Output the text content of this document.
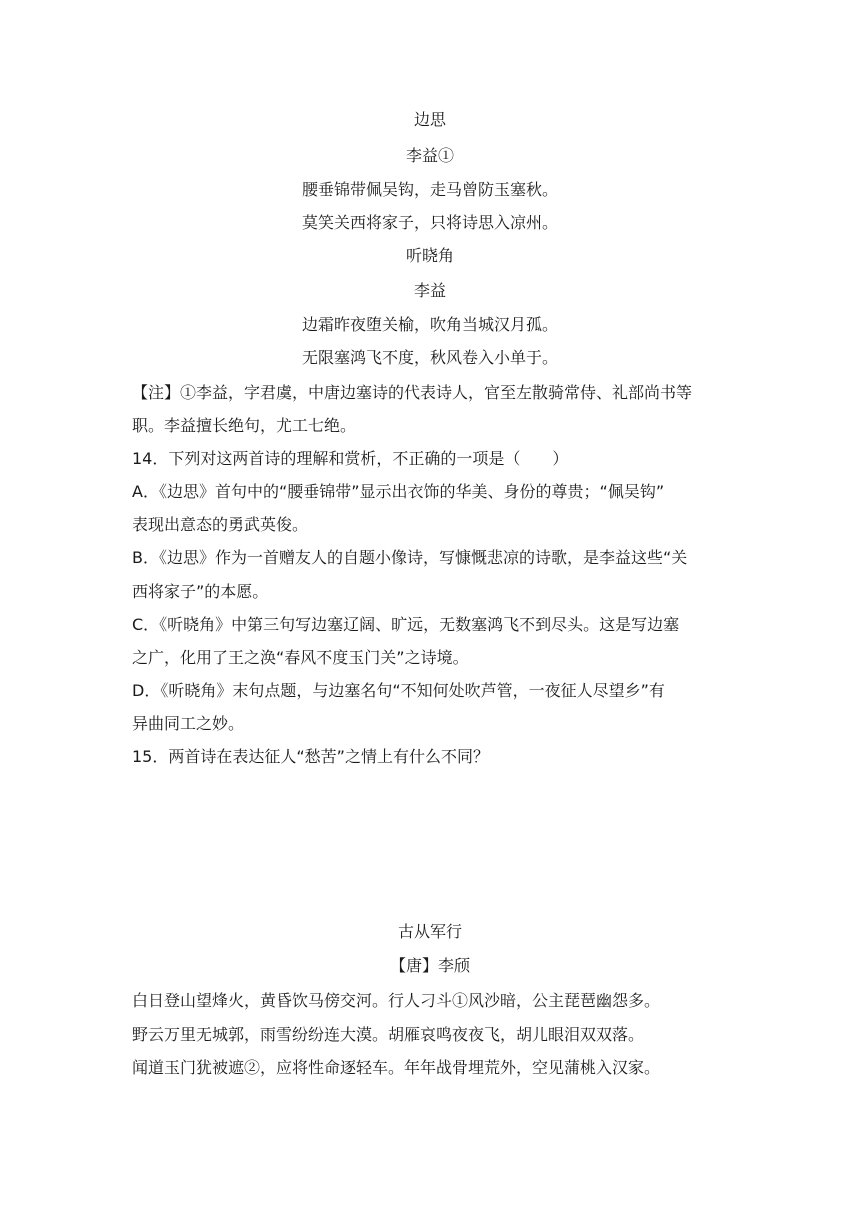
边思
李益①
腰垂锦带佩吴钩，走马曾防玉塞秋。
莫笑关西将家子，只将诗思入凉州。
听晓角
李益
边霜昨夜堕关榆，吹角当城汉月孤。
无限塞鸿飞不度，秋风卷入小单于。
【注】①李益，字君虞，中唐边塞诗的代表诗人，官至左散骑常侍、礼部尚书等
职。李益擅长绝句，尤工七绝。
14．下列对这两首诗的理解和赏析，不正确的一项是（　　）
A．《边思》首句中的“腰垂锦带”显示出衣饰的华美、身份的尊贵；“佩吴钩”
表现出意态的勇武英俊。
B．《边思》作为一首赠友人的自题小像诗，写慷慨悲凉的诗歌，是李益这些“关
西将家子”的本愿。
C．《听晓角》中第三句写边塞辽阔、旷远，无数塞鸿飞不到尽头。这是写边塞
之广，化用了王之涣“春风不度玉门关”之诗境。
D．《听晓角》末句点题，与边塞名句“不知何处吹芦管，一夜征人尽望乡”有
异曲同工之妙。
15．两首诗在表达征人“愁苦”之情上有什么不同？
古从军行
【唐】李颀
白日登山望烽火，黄昏饮马傍交河。行人刁斗①风沙暗，公主琵琶幽怨多。
野云万里无城郭，雨雪纷纷连大漠。胡雁哀鸣夜夜飞，胡儿眼泪双双落。
闻道玉门犹被遮②，应将性命逐轻车。年年战骨埋荒外，空见蒲桃入汉家。
